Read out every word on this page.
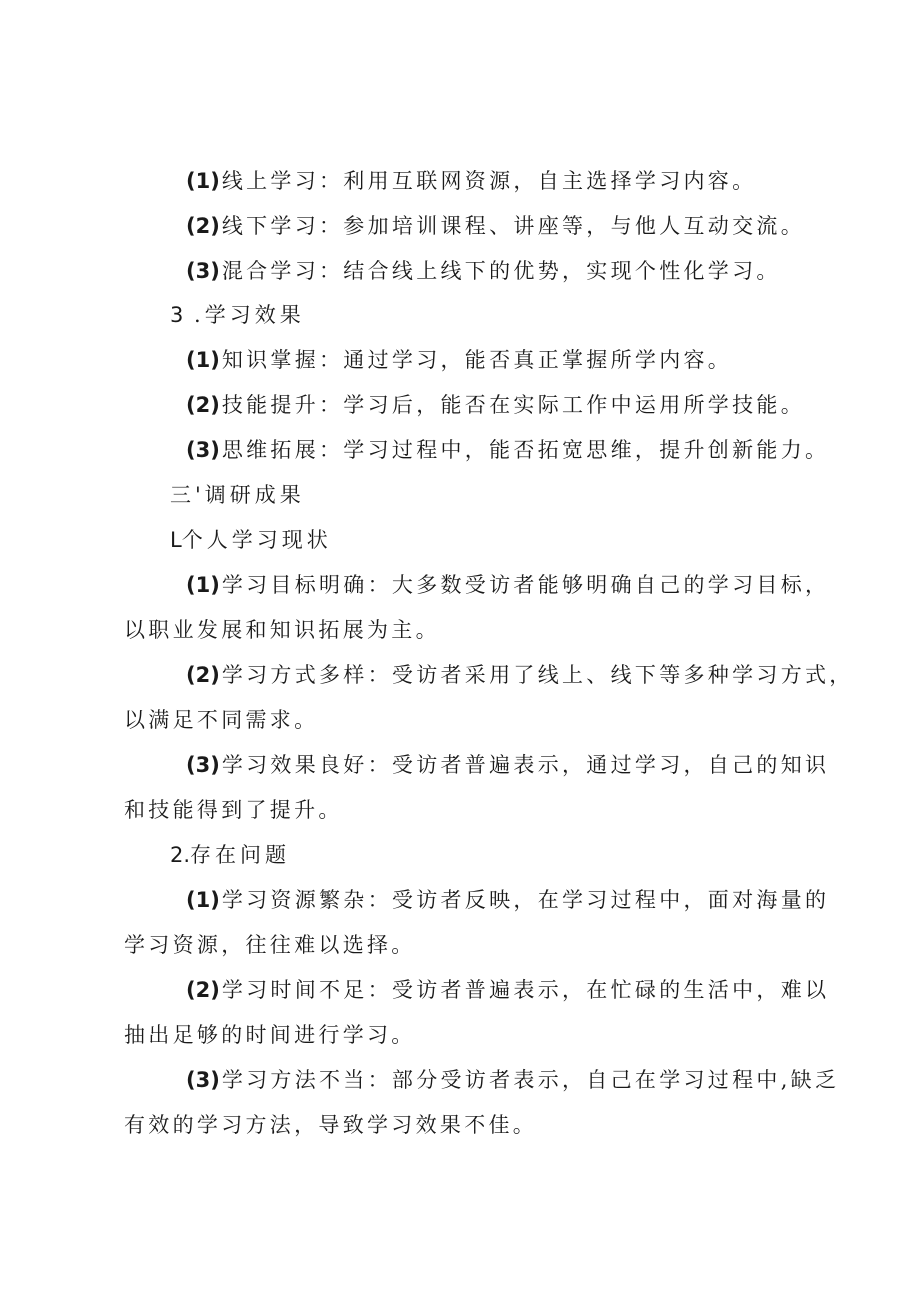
(1)线上学习：利用互联网资源，自主选择学习内容。
(2)线下学习：参加培训课程、讲座等，与他人互动交流。
(3)混合学习：结合线上线下的优势，实现个性化学习。
3 .学习效果
(1)知识掌握：通过学习，能否真正掌握所学内容。
(2)技能提升：学习后，能否在实际工作中运用所学技能。
(3)思维拓展：学习过程中，能否拓宽思维，提升创新能力。
三'调研成果
L个人学习现状
(1)学习目标明确：大多数受访者能够明确自己的学习目标，
以职业发展和知识拓展为主。
(2)学习方式多样：受访者采用了线上、线下等多种学习方式，
以满足不同需求。
(3)学习效果良好：受访者普遍表示，通过学习，自己的知识
和技能得到了提升。
2.存在问题
(1)学习资源繁杂：受访者反映，在学习过程中，面对海量的
学习资源，往往难以选择。
(2)学习时间不足：受访者普遍表示，在忙碌的生活中，难以
抽出足够的时间进行学习。
(3)学习方法不当：部分受访者表示，自己在学习过程中,缺乏
有效的学习方法，导致学习效果不佳。
